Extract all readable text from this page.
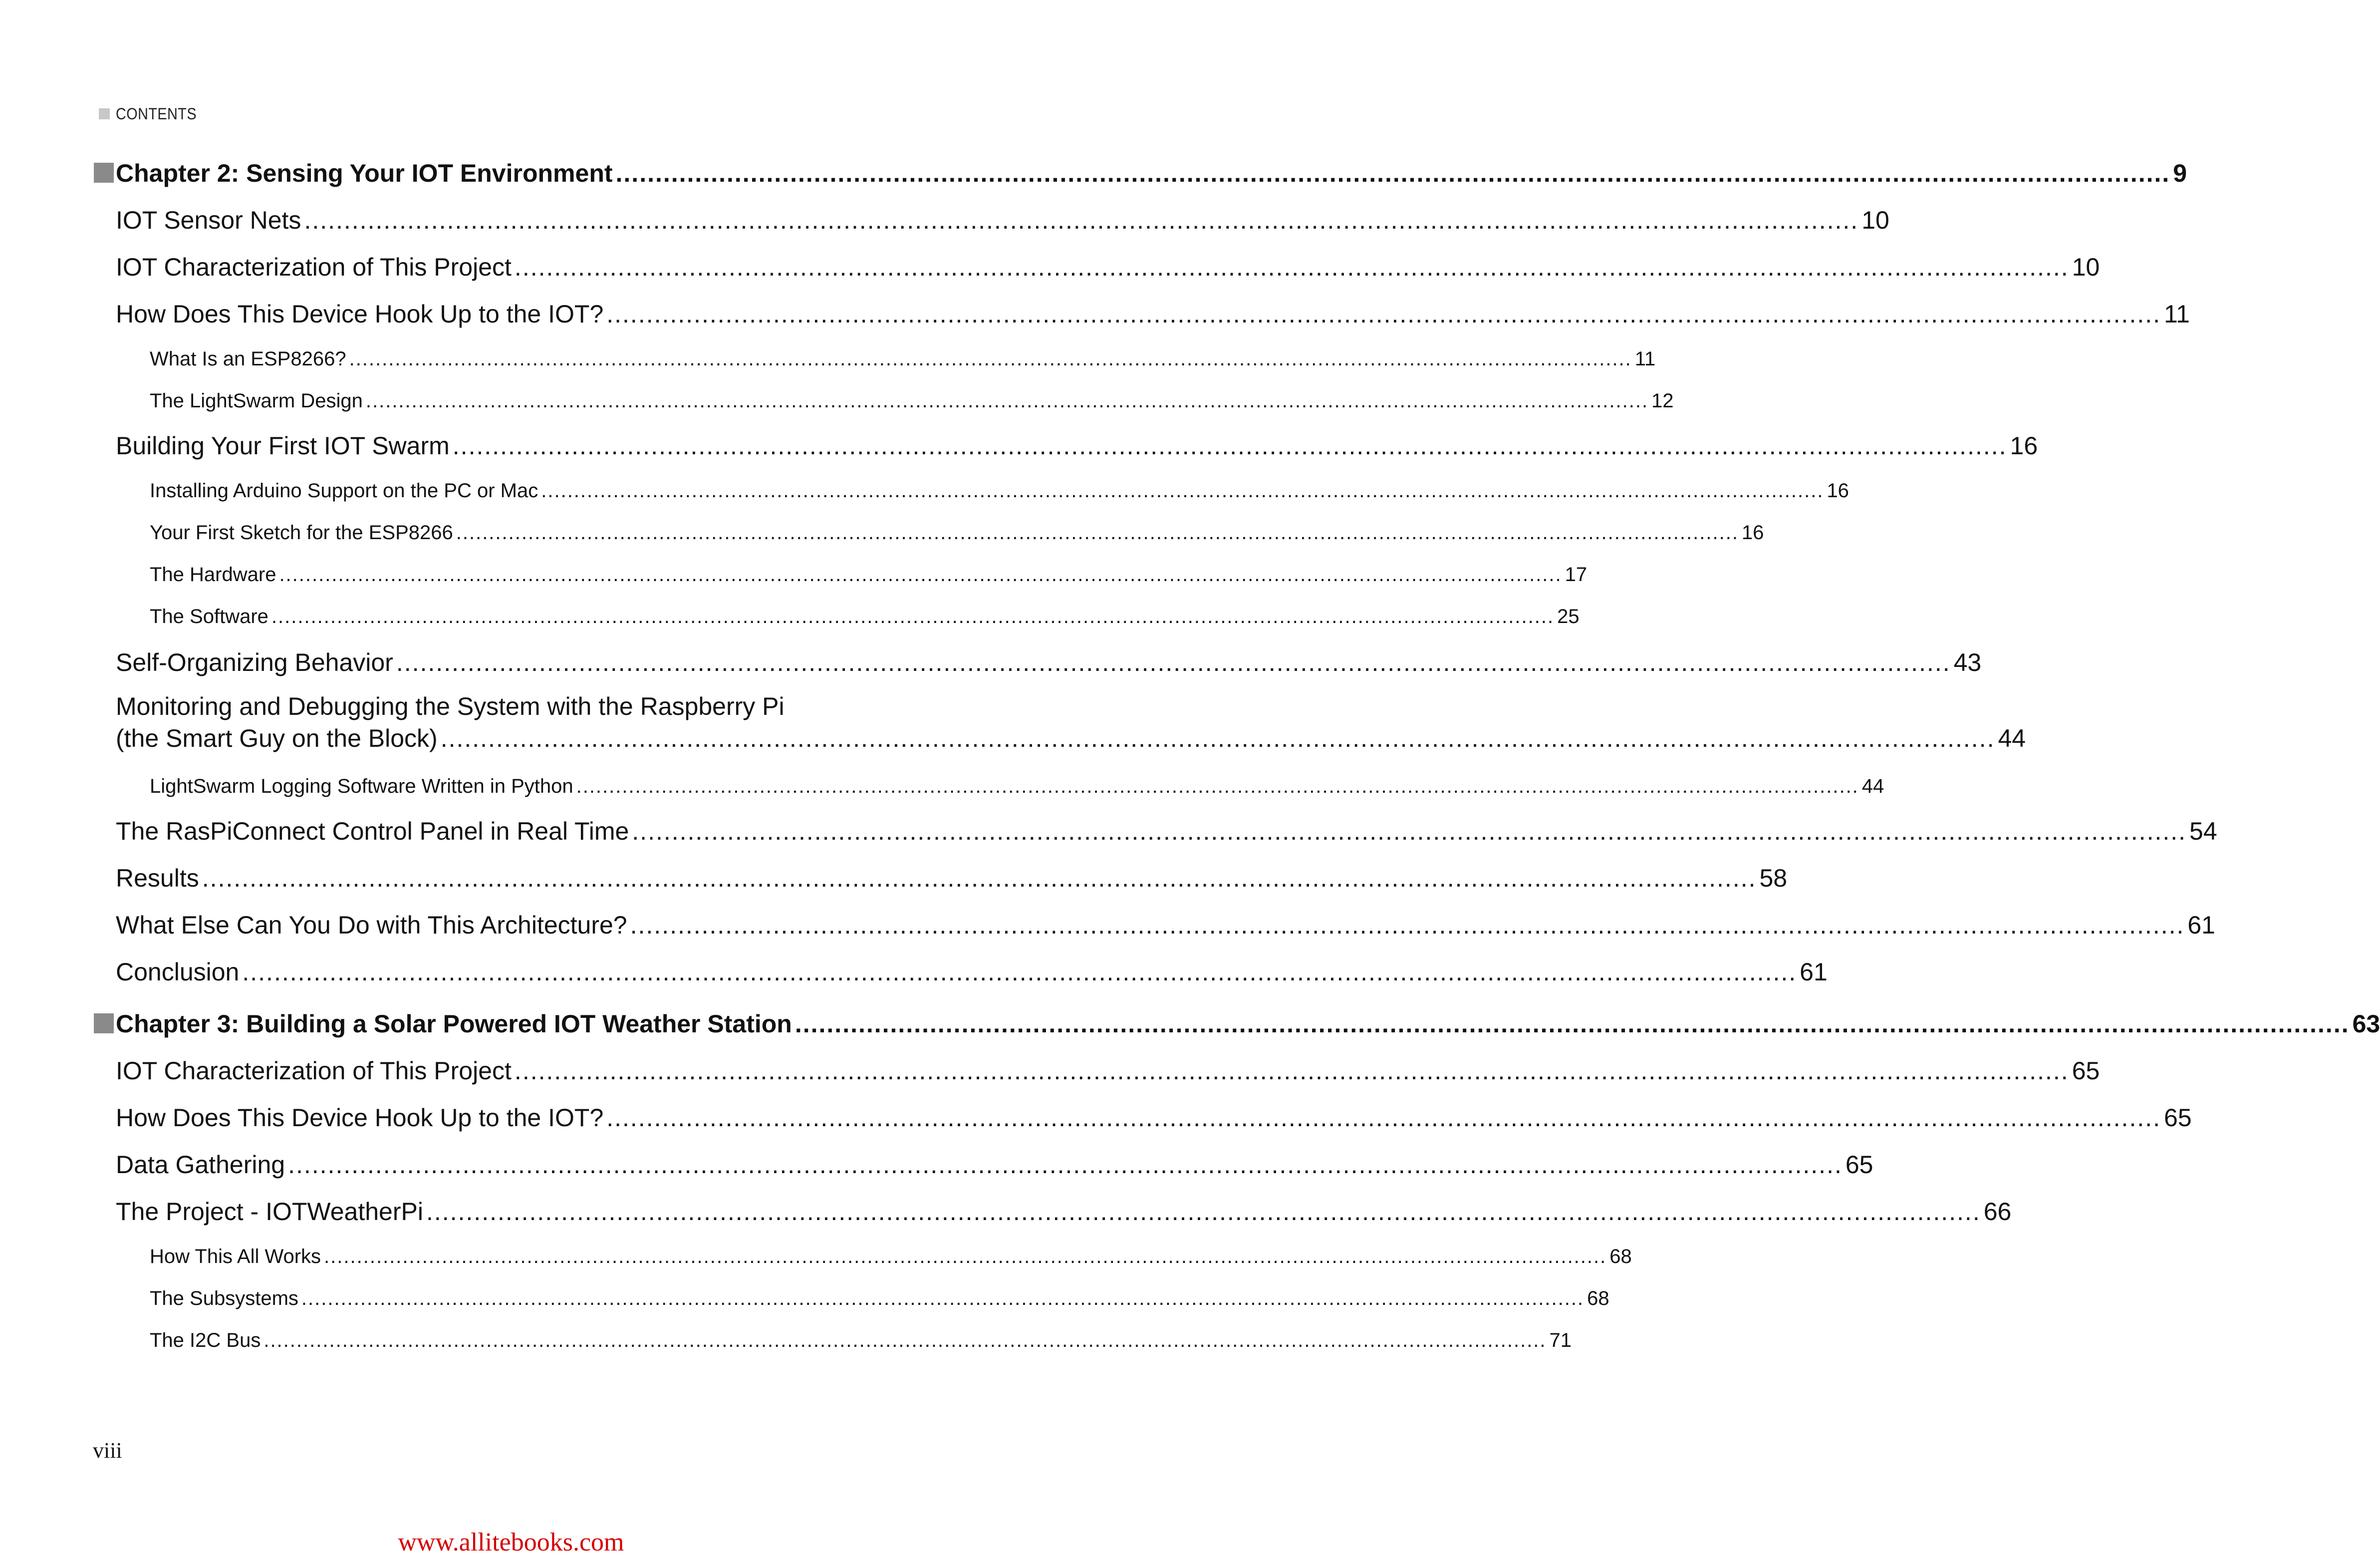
CONTENTS
Chapter 2: Sensing Your IOT Environment .................................................................................................................................................................................................... 9
IOT Sensor Nets .................................................................................................................................................................................................... 10
IOT Characterization of This Project .................................................................................................................................................................................................... 10
How Does This Device Hook Up to the IOT? .................................................................................................................................................................................................... 11
What Is an ESP8266? .................................................................................................................................................................................................... 11
The LightSwarm Design .................................................................................................................................................................................................... 12
Building Your First IOT Swarm .................................................................................................................................................................................................... 16
Installing Arduino Support on the PC or Mac .................................................................................................................................................................................................... 16
Your First Sketch for the ESP8266 .................................................................................................................................................................................................... 16
The Hardware .................................................................................................................................................................................................... 17
The Software .................................................................................................................................................................................................... 25
Self-Organizing Behavior .................................................................................................................................................................................................... 43
Monitoring and Debugging the System with the Raspberry Pi
(the Smart Guy on the Block) .................................................................................................................................................................................................... 44
LightSwarm Logging Software Written in Python .................................................................................................................................................................................................... 44
The RasPiConnect Control Panel in Real Time .................................................................................................................................................................................................... 54
Results .................................................................................................................................................................................................... 58
What Else Can You Do with This Architecture? .................................................................................................................................................................................................... 61
Conclusion .................................................................................................................................................................................................... 61
Chapter 3: Building a Solar Powered IOT Weather Station .................................................................................................................................................................................................... 63
IOT Characterization of This Project .................................................................................................................................................................................................... 65
How Does This Device Hook Up to the IOT? .................................................................................................................................................................................................... 65
Data Gathering .................................................................................................................................................................................................... 65
The Project - IOTWeatherPi .................................................................................................................................................................................................... 66
How This All Works .................................................................................................................................................................................................... 68
The Subsystems .................................................................................................................................................................................................... 68
The I2C Bus .................................................................................................................................................................................................... 71
viii
www.allitebooks.com
